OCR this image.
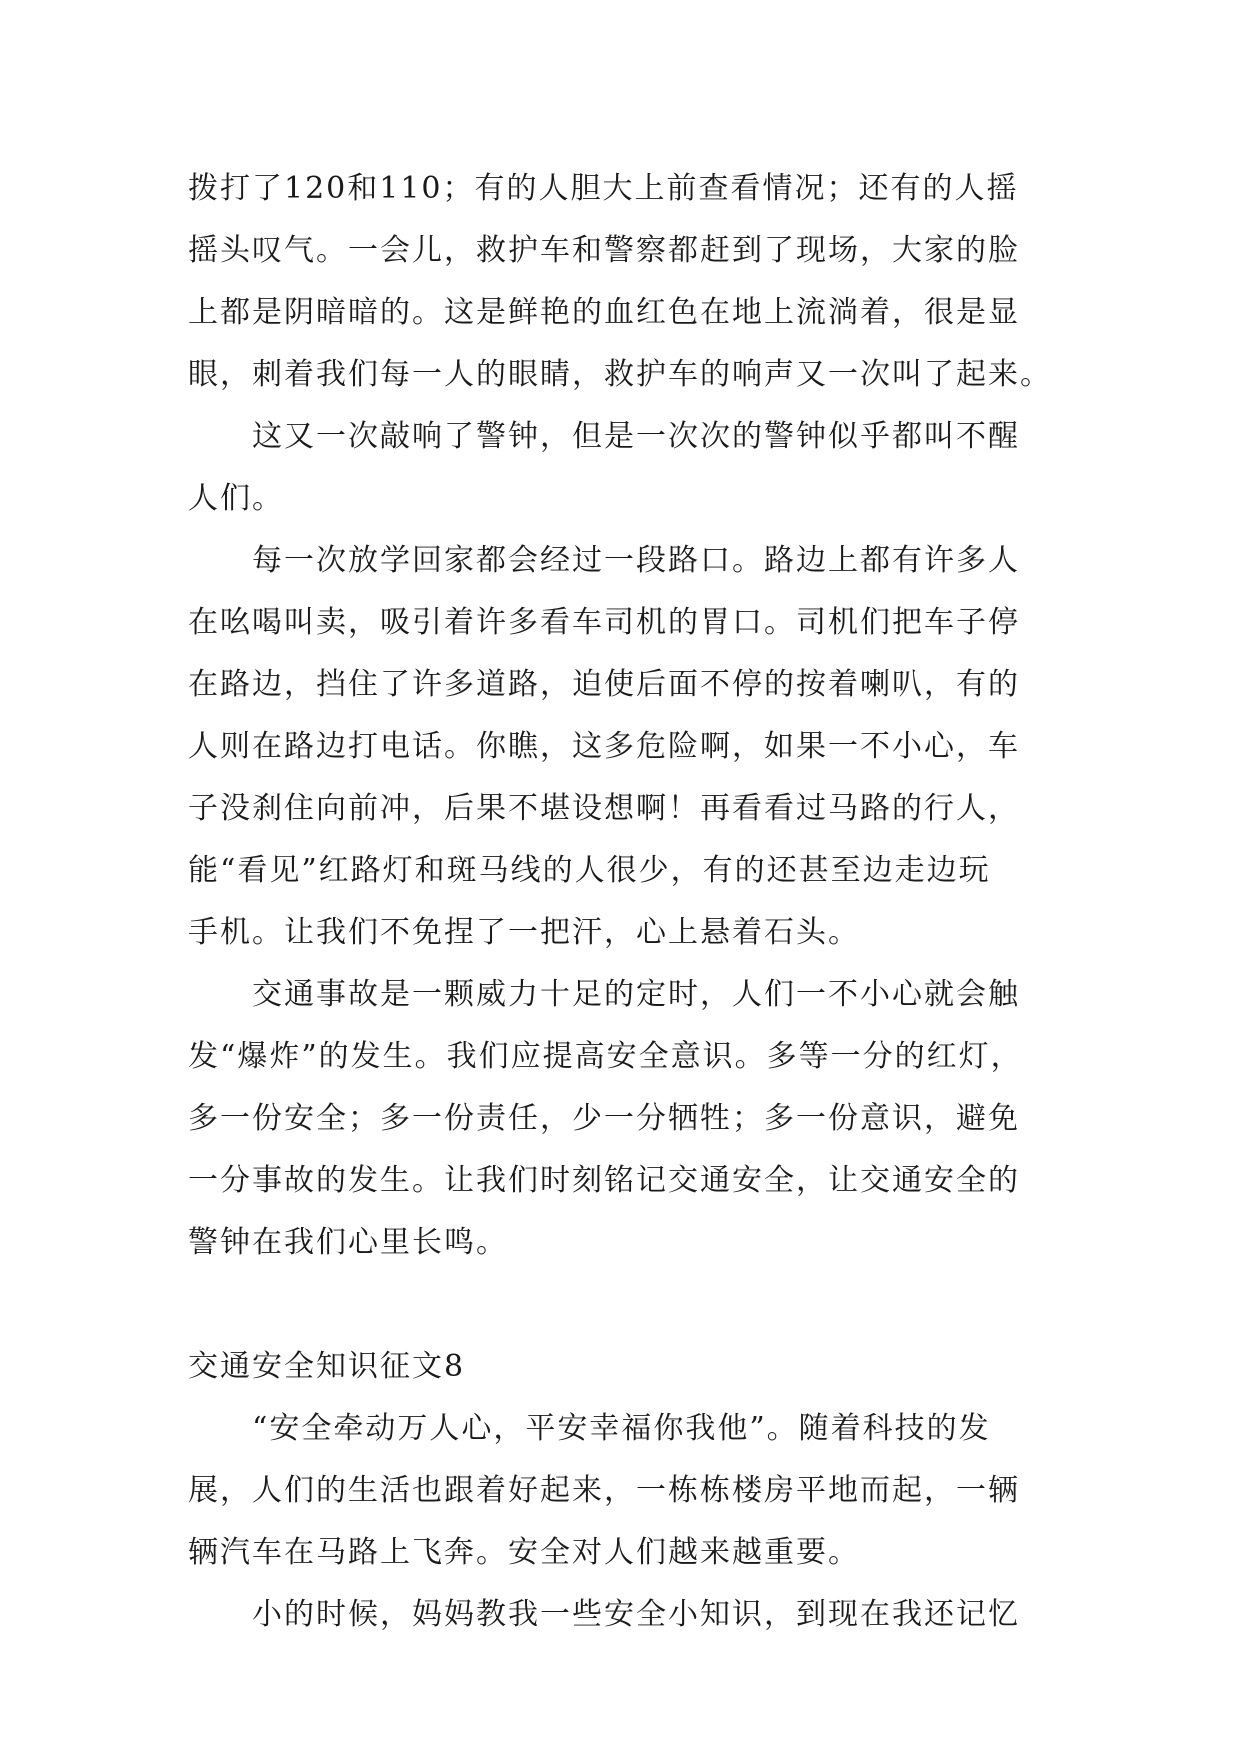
拨打了120和110；有的人胆大上前查看情况；还有的人摇
摇头叹气。一会儿，救护车和警察都赶到了现场，大家的脸
上都是阴暗暗的。这是鲜艳的血红色在地上流淌着，很是显
眼，刺着我们每一人的眼睛，救护车的响声又一次叫了起来。
这又一次敲响了警钟，但是一次次的警钟似乎都叫不醒
人们。
每一次放学回家都会经过一段路口。路边上都有许多人
在吆喝叫卖，吸引着许多看车司机的胃口。司机们把车子停
在路边，挡住了许多道路，迫使后面不停的按着喇叭，有的
人则在路边打电话。你瞧，这多危险啊，如果一不小心，车
子没刹住向前冲，后果不堪设想啊！再看看过马路的行人，
能“看见”红路灯和斑马线的人很少，有的还甚至边走边玩
手机。让我们不免捏了一把汗，心上悬着石头。
交通事故是一颗威力十足的定时，人们一不小心就会触
发“爆炸”的发生。我们应提高安全意识。多等一分的红灯，
多一份安全；多一份责任，少一分牺牲；多一份意识，避免
一分事故的发生。让我们时刻铭记交通安全，让交通安全的
警钟在我们心里长鸣。
交通安全知识征文8
“安全牵动万人心，平安幸福你我他”。随着科技的发
展，人们的生活也跟着好起来，一栋栋楼房平地而起，一辆
辆汽车在马路上飞奔。安全对人们越来越重要。
小的时候，妈妈教我一些安全小知识，到现在我还记忆
